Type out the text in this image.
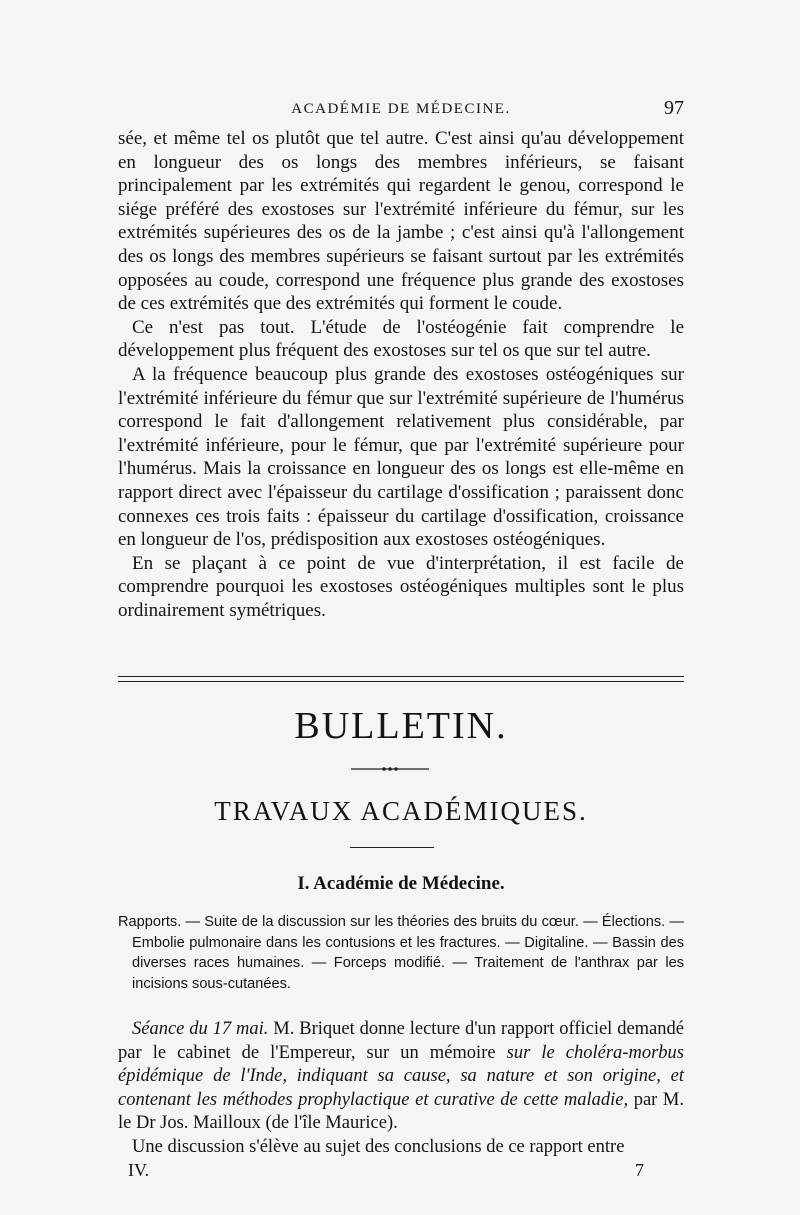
ACADÉMIE DE MÉDECINE.	97

sée, et même tel os plutôt que tel autre. C'est ainsi qu'au développement en longueur des os longs des membres inférieurs, se faisant principalement par les extrémités qui regardent le genou, correspond le siége préféré des exostoses sur l'extrémité inférieure du fémur, sur les extrémités supérieures des os de la jambe ; c'est ainsi qu'à l'allongement des os longs des membres supérieurs se faisant surtout par les extrémités opposées au coude, correspond une fréquence plus grande des exostoses de ces extrémités que des extrémités qui forment le coude.

Ce n'est pas tout. L'étude de l'ostéogénie fait comprendre le développement plus fréquent des exostoses sur tel os que sur tel autre.

A la fréquence beaucoup plus grande des exostoses ostéogéniques sur l'extrémité inférieure du fémur que sur l'extrémité supérieure de l'humérus correspond le fait d'allongement relativement plus considérable, par l'extrémité inférieure, pour le fémur, que par l'extrémité supérieure pour l'humérus. Mais la croissance en longueur des os longs est elle-même en rapport direct avec l'épaisseur du cartilage d'ossification ; paraissent donc connexes ces trois faits : épaisseur du cartilage d'ossification, croissance en longueur de l'os, prédisposition aux exostoses ostéogéniques.

En se plaçant à ce point de vue d'interprétation, il est facile de comprendre pourquoi les exostoses ostéogéniques multiples sont le plus ordinairement symétriques.

BULLETIN.
TRAVAUX ACADÉMIQUES.
I. Académie de Médecine.

Rapports. — Suite de la discussion sur les théories des bruits du cœur. — Élections. — Embolie pulmonaire dans les contusions et les fractures. — Digitaline. — Bassin des diverses races humaines. — Forceps modifié. — Traitement de l'anthrax par les incisions sous-cutanées.

Séance du 17 mai. M. Briquet donne lecture d'un rapport officiel demandé par le cabinet de l'Empereur, sur un mémoire sur le choléra-morbus épidémique de l'Inde, indiquant sa cause, sa nature et son origine, et contenant les méthodes prophylactique et curative de cette maladie, par M. le Dr Jos. Mailloux (de l'île Maurice).

Une discussion s'élève au sujet des conclusions de ce rapport entre

IV.	7
